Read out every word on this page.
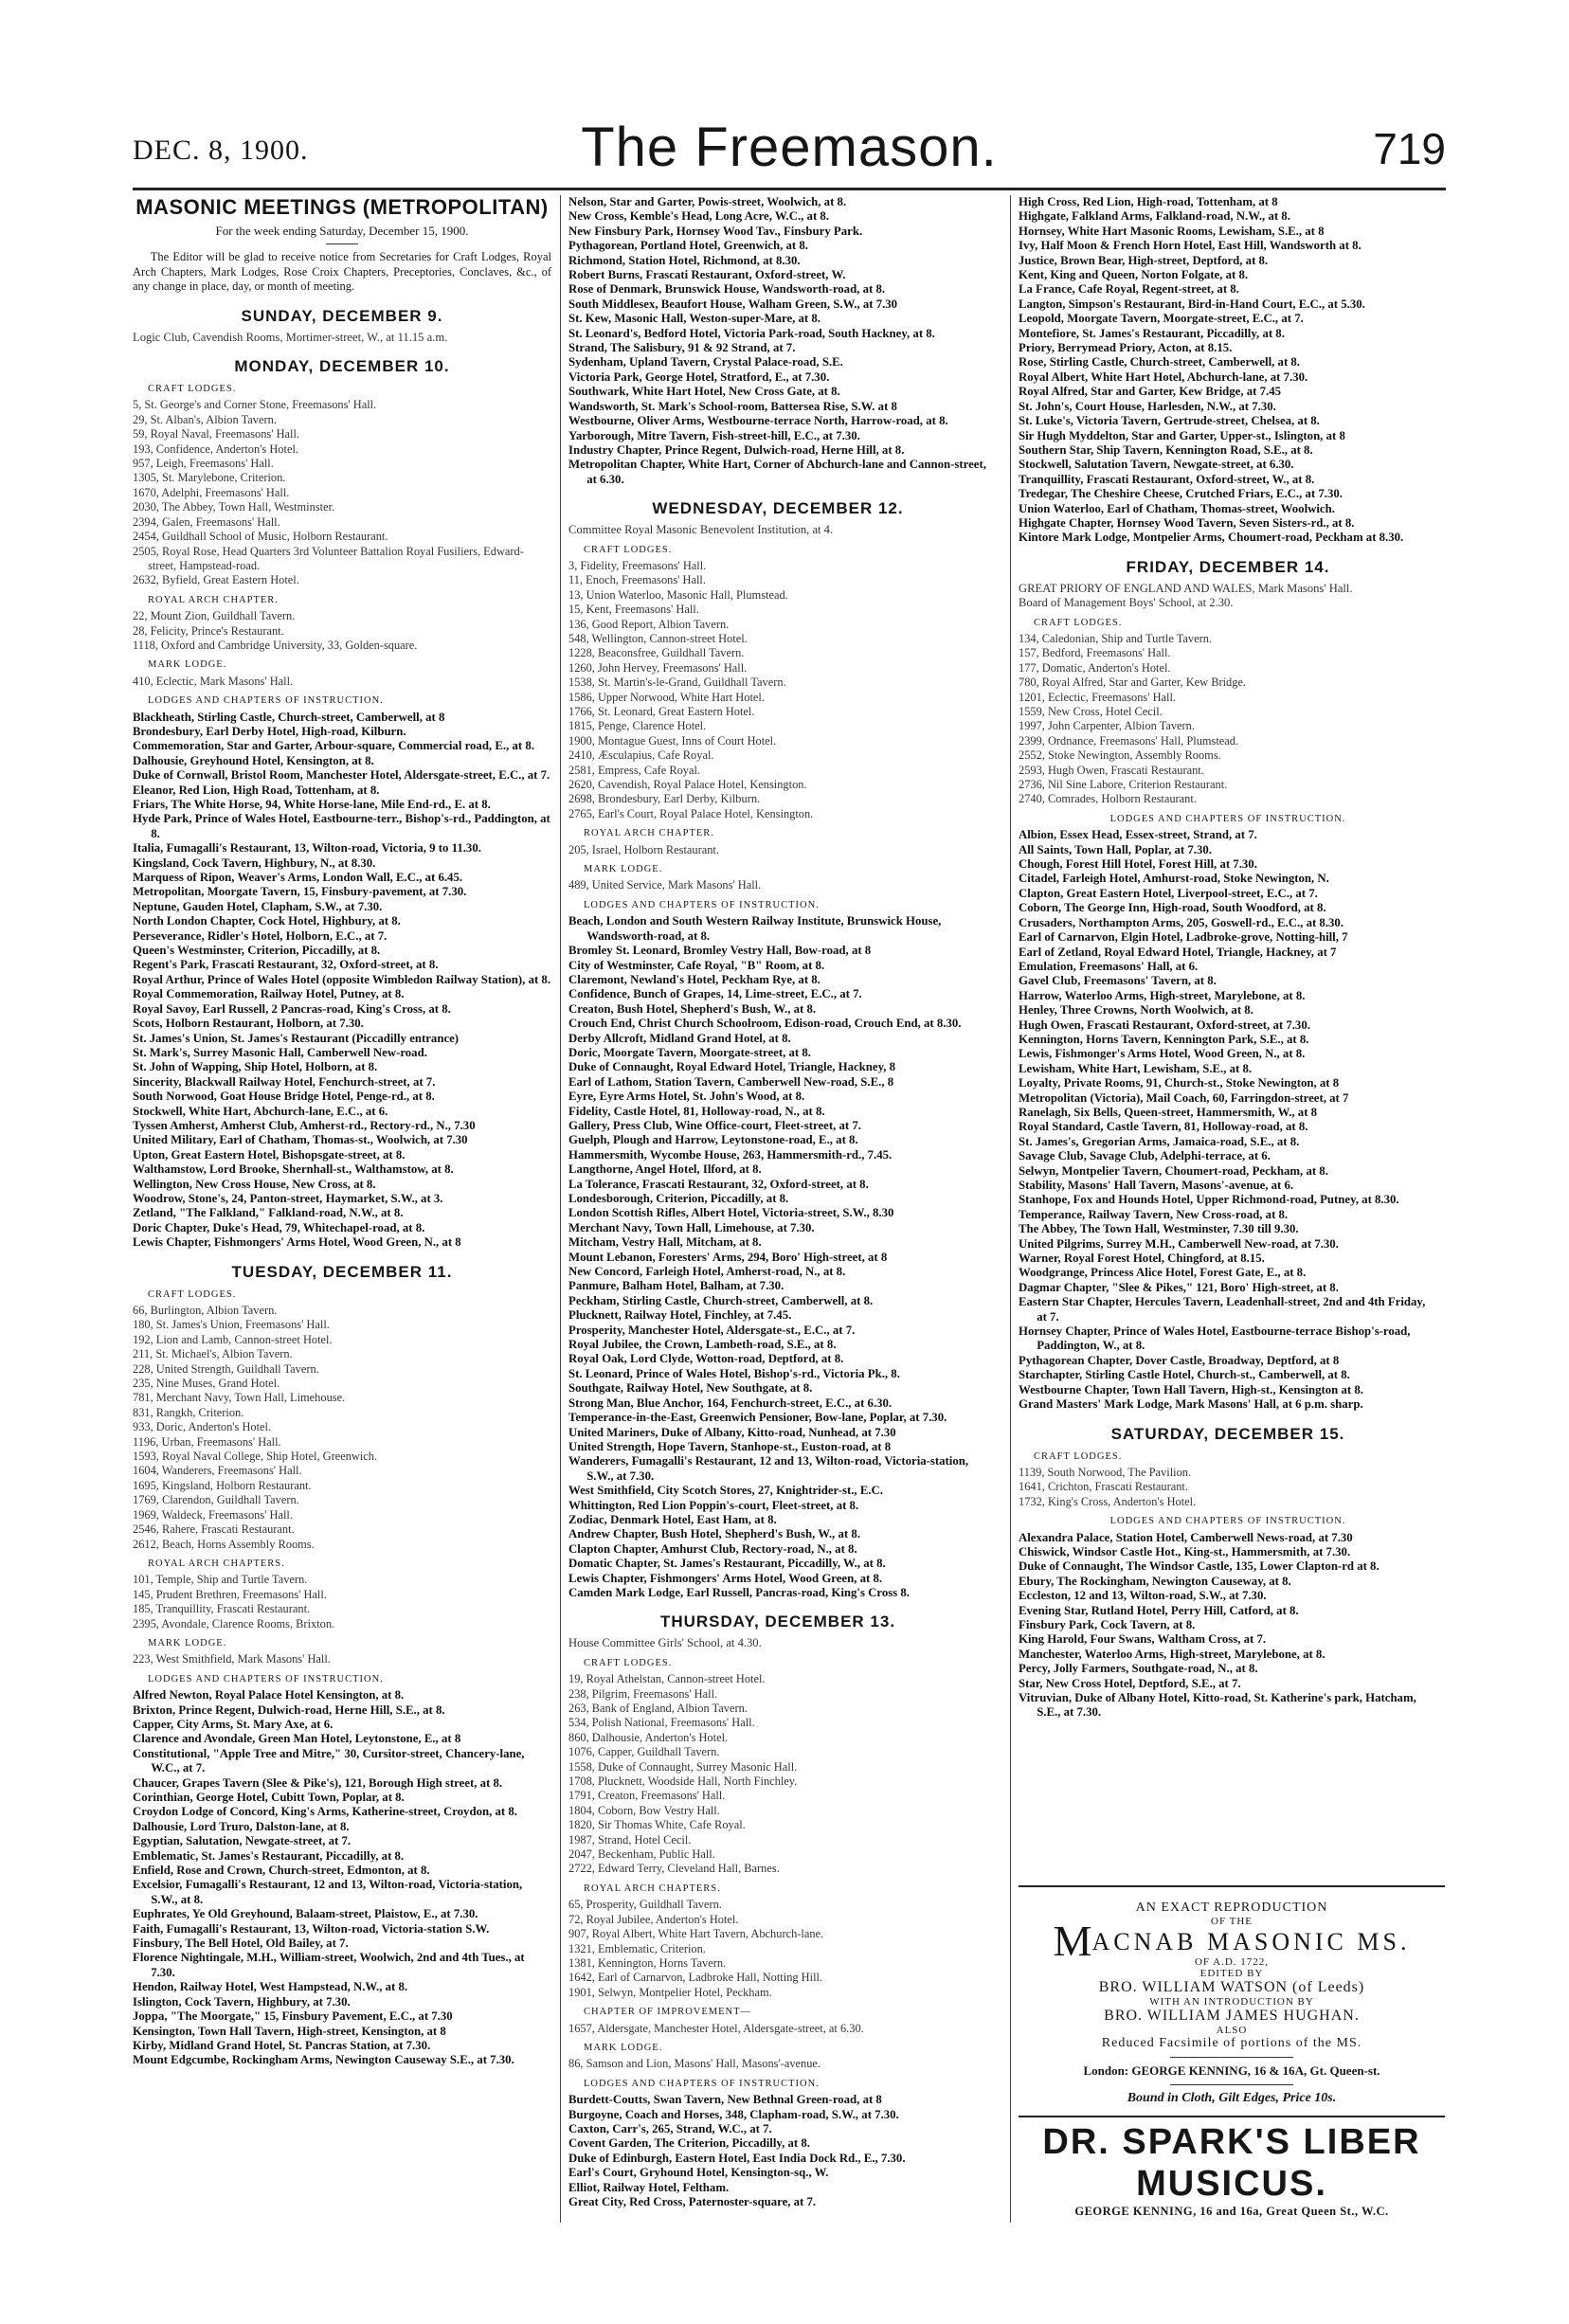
DEC. 8, 1900.	The Freemason.	719
MASONIC MEETINGS (METROPOLITAN)

For the week ending Saturday, December 15, 1900.

The Editor will be glad to receive notice from Secretaries for Craft Lodges, Royal Arch Chapters, Mark Lodges, Rose Croix Chapters, Preceptories, Conclaves, &c., of any change in place, day, or month of meeting.

SUNDAY, DECEMBER 9.

Logic Club, Cavendish Rooms, Mortimer-street, W., at 11.15 a.m.

MONDAY, DECEMBER 10.
CRAFT LODGES.

5, St. George's and Corner Stone, Freemasons' Hall.

29, St. Alban's, Albion Tavern.

59, Royal Naval, Freemasons' Hall.

193, Confidence, Anderton's Hotel.

957, Leigh, Freemasons' Hall.

1305, St. Marylebone, Criterion.

1670, Adelphi, Freemasons' Hall.

2030, The Abbey, Town Hall, Westminster.

2394, Galen, Freemasons' Hall.

2454, Guildhall School of Music, Holborn Restaurant.

2505, Royal Rose, Head Quarters 3rd Volunteer Battalion Royal Fusiliers, Edward-street, Hampstead-road.

2632, Byfield, Great Eastern Hotel.

ROYAL ARCH CHAPTER.

22, Mount Zion, Guildhall Tavern.

28, Felicity, Prince's Restaurant.

1118, Oxford and Cambridge University, 33, Golden-square.

MARK LODGE.

410, Eclectic, Mark Masons' Hall.

LODGES AND CHAPTERS OF INSTRUCTION.

Blackheath, Stirling Castle, Church-street, Camberwell, at 8

Brondesbury, Earl Derby Hotel, High-road, Kilburn.

Commemoration, Star and Garter, Arbour-square, Commercial road, E., at 8.

Dalhousie, Greyhound Hotel, Kensington, at 8.

Duke of Cornwall, Bristol Room, Manchester Hotel, Aldersgate-street, E.C., at 7.

Eleanor, Red Lion, High Road, Tottenham, at 8.

Friars, The White Horse, 94, White Horse-lane, Mile End-rd., E. at 8.

Hyde Park, Prince of Wales Hotel, Eastbourne-terr., Bishop's-rd., Paddington, at 8.

Italia, Fumagalli's Restaurant, 13, Wilton-road, Victoria, 9 to 11.30.

Kingsland, Cock Tavern, Highbury, N., at 8.30.

Marquess of Ripon, Weaver's Arms, London Wall, E.C., at 6.45.

Metropolitan, Moorgate Tavern, 15, Finsbury-pavement, at 7.30.

Neptune, Gauden Hotel, Clapham, S.W., at 7.30.

North London Chapter, Cock Hotel, Highbury, at 8.

Perseverance, Ridler's Hotel, Holborn, E.C., at 7.

Queen's Westminster, Criterion, Piccadilly, at 8.

Regent's Park, Frascati Restaurant, 32, Oxford-street, at 8.

Royal Arthur, Prince of Wales Hotel (opposite Wimbledon Railway Station), at 8.

Royal Commemoration, Railway Hotel, Putney, at 8.

Royal Savoy, Earl Russell, 2 Pancras-road, King's Cross, at 8.

Scots, Holborn Restaurant, Holborn, at 7.30.

St. James's Union, St. James's Restaurant (Piccadilly entrance)

St. Mark's, Surrey Masonic Hall, Camberwell New-road.

St. John of Wapping, Ship Hotel, Holborn, at 8.

Sincerity, Blackwall Railway Hotel, Fenchurch-street, at 7.

South Norwood, Goat House Bridge Hotel, Penge-rd., at 8.

Stockwell, White Hart, Abchurch-lane, E.C., at 6.

Tyssen Amherst, Amherst Club, Amherst-rd., Rectory-rd., N., 7.30

United Military, Earl of Chatham, Thomas-st., Woolwich, at 7.30

Upton, Great Eastern Hotel, Bishopsgate-street, at 8.

Walthamstow, Lord Brooke, Shernhall-st., Walthamstow, at 8.

Wellington, New Cross House, New Cross, at 8.

Woodrow, Stone's, 24, Panton-street, Haymarket, S.W., at 3.

Zetland, "The Falkland," Falkland-road, N.W., at 8.

Doric Chapter, Duke's Head, 79, Whitechapel-road, at 8.

Lewis Chapter, Fishmongers' Arms Hotel, Wood Green, N., at 8

TUESDAY, DECEMBER 11.
CRAFT LODGES.

66, Burlington, Albion Tavern.

180, St. James's Union, Freemasons' Hall.

192, Lion and Lamb, Cannon-street Hotel.

211, St. Michael's, Albion Tavern.

228, United Strength, Guildhall Tavern.

235, Nine Muses, Grand Hotel.

781, Merchant Navy, Town Hall, Limehouse.

831, Rangkh, Criterion.

933, Doric, Anderton's Hotel.

1196, Urban, Freemasons' Hall.

1593, Royal Naval College, Ship Hotel, Greenwich.

1604, Wanderers, Freemasons' Hall.

1695, Kingsland, Holborn Restaurant.

1769, Clarendon, Guildhall Tavern.

1969, Waldeck, Freemasons' Hall.

2546, Rahere, Frascati Restaurant.

2612, Beach, Horns Assembly Rooms.

ROYAL ARCH CHAPTERS.

101, Temple, Ship and Turtle Tavern.

145, Prudent Brethren, Freemasons' Hall.

185, Tranquillity, Frascati Restaurant.

2395, Avondale, Clarence Rooms, Brixton.

MARK LODGE.

223, West Smithfield, Mark Masons' Hall.

LODGES AND CHAPTERS OF INSTRUCTION.

Alfred Newton, Royal Palace Hotel Kensington, at 8.

Brixton, Prince Regent, Dulwich-road, Herne Hill, S.E., at 8.

Capper, City Arms, St. Mary Axe, at 6.

Clarence and Avondale, Green Man Hotel, Leytonstone, E., at 8

Constitutional, "Apple Tree and Mitre," 30, Cursitor-street, Chancery-lane, W.C., at 7.

Chaucer, Grapes Tavern (Slee & Pike's), 121, Borough High street, at 8.

Corinthian, George Hotel, Cubitt Town, Poplar, at 8.

Croydon Lodge of Concord, King's Arms, Katherine-street, Croydon, at 8.

Dalhousie, Lord Truro, Dalston-lane, at 8.

Egyptian, Salutation, Newgate-street, at 7.

Emblematic, St. James's Restaurant, Piccadilly, at 8.

Enfield, Rose and Crown, Church-street, Edmonton, at 8.

Excelsior, Fumagalli's Restaurant, 12 and 13, Wilton-road, Victoria-station, S.W., at 8.

Euphrates, Ye Old Greyhound, Balaam-street, Plaistow, E., at 7.30.

Faith, Fumagalli's Restaurant, 13, Wilton-road, Victoria-station S.W.

Finsbury, The Bell Hotel, Old Bailey, at 7.

Florence Nightingale, M.H., William-street, Woolwich, 2nd and 4th Tues., at 7.30.

Hendon, Railway Hotel, West Hampstead, N.W., at 8.

Islington, Cock Tavern, Highbury, at 7.30.

Joppa, "The Moorgate," 15, Finsbury Pavement, E.C., at 7.30

Kensington, Town Hall Tavern, High-street, Kensington, at 8

Kirby, Midland Grand Hotel, St. Pancras Station, at 7.30.

Mount Edgcumbe, Rockingham Arms, Newington Causeway S.E., at 7.30.

Nelson, Star and Garter, Powis-street, Woolwich, at 8.

New Cross, Kemble's Head, Long Acre, W.C., at 8.

New Finsbury Park, Hornsey Wood Tav., Finsbury Park.

Pythagorean, Portland Hotel, Greenwich, at 8.

Richmond, Station Hotel, Richmond, at 8.30.

Robert Burns, Frascati Restaurant, Oxford-street, W.

Rose of Denmark, Brunswick House, Wandsworth-road, at 8.

South Middlesex, Beaufort House, Walham Green, S.W., at 7.30

St. Kew, Masonic Hall, Weston-super-Mare, at 8.

St. Leonard's, Bedford Hotel, Victoria Park-road, South Hackney, at 8.

Strand, The Salisbury, 91 & 92 Strand, at 7.

Sydenham, Upland Tavern, Crystal Palace-road, S.E.

Victoria Park, George Hotel, Stratford, E., at 7.30.

Southwark, White Hart Hotel, New Cross Gate, at 8.

Wandsworth, St. Mark's School-room, Battersea Rise, S.W. at 8

Westbourne, Oliver Arms, Westbourne-terrace North, Harrow-road, at 8.

Yarborough, Mitre Tavern, Fish-street-hill, E.C., at 7.30.

Industry Chapter, Prince Regent, Dulwich-road, Herne Hill, at 8.

Metropolitan Chapter, White Hart, Corner of Abchurch-lane and Cannon-street, at 6.30.

WEDNESDAY, DECEMBER 12.

Committee Royal Masonic Benevolent Institution, at 4.

CRAFT LODGES.

3, Fidelity, Freemasons' Hall.

11, Enoch, Freemasons' Hall.

13, Union Waterloo, Masonic Hall, Plumstead.

15, Kent, Freemasons' Hall.

136, Good Report, Albion Tavern.

548, Wellington, Cannon-street Hotel.

1228, Beaconsfree, Guildhall Tavern.

1260, John Hervey, Freemasons' Hall.

1538, St. Martin's-le-Grand, Guildhall Tavern.

1586, Upper Norwood, White Hart Hotel.

1766, St. Leonard, Great Eastern Hotel.

1815, Penge, Clarence Hotel.

1900, Montague Guest, Inns of Court Hotel.

2410, Æsculapius, Cafe Royal.

2581, Empress, Cafe Royal.

2620, Cavendish, Royal Palace Hotel, Kensington.

2698, Brondesbury, Earl Derby, Kilburn.

2765, Earl's Court, Royal Palace Hotel, Kensington.

ROYAL ARCH CHAPTER.

205, Israel, Holborn Restaurant.

MARK LODGE.

489, United Service, Mark Masons' Hall.

LODGES AND CHAPTERS OF INSTRUCTION.

Beach, London and South Western Railway Institute, Brunswick House, Wandsworth-road, at 8.

Bromley St. Leonard, Bromley Vestry Hall, Bow-road, at 8

City of Westminster, Cafe Royal, "B" Room, at 8.

Claremont, Newland's Hotel, Peckham Rye, at 8.

Confidence, Bunch of Grapes, 14, Lime-street, E.C., at 7.

Creaton, Bush Hotel, Shepherd's Bush, W., at 8.

Crouch End, Christ Church Schoolroom, Edison-road, Crouch End, at 8.30.

Derby Allcroft, Midland Grand Hotel, at 8.

Doric, Moorgate Tavern, Moorgate-street, at 8.

Duke of Connaught, Royal Edward Hotel, Triangle, Hackney, 8

Earl of Lathom, Station Tavern, Camberwell New-road, S.E., 8

Eyre, Eyre Arms Hotel, St. John's Wood, at 8.

Fidelity, Castle Hotel, 81, Holloway-road, N., at 8.

Gallery, Press Club, Wine Office-court, Fleet-street, at 7.

Guelph, Plough and Harrow, Leytonstone-road, E., at 8.

Hammersmith, Wycombe House, 263, Hammersmith-rd., 7.45.

Langthorne, Angel Hotel, Ilford, at 8.

La Tolerance, Frascati Restaurant, 32, Oxford-street, at 8.

Londesborough, Criterion, Piccadilly, at 8.

London Scottish Rifles, Albert Hotel, Victoria-street, S.W., 8.30

Merchant Navy, Town Hall, Limehouse, at 7.30.

Mitcham, Vestry Hall, Mitcham, at 8.

Mount Lebanon, Foresters' Arms, 294, Boro' High-street, at 8

New Concord, Farleigh Hotel, Amherst-road, N., at 8.

Panmure, Balham Hotel, Balham, at 7.30.

Peckham, Stirling Castle, Church-street, Camberwell, at 8.

Plucknett, Railway Hotel, Finchley, at 7.45.

Prosperity, Manchester Hotel, Aldersgate-st., E.C., at 7.

Royal Jubilee, the Crown, Lambeth-road, S.E., at 8.

Royal Oak, Lord Clyde, Wotton-road, Deptford, at 8.

St. Leonard, Prince of Wales Hotel, Bishop's-rd., Victoria Pk., 8.

Southgate, Railway Hotel, New Southgate, at 8.

Strong Man, Blue Anchor, 164, Fenchurch-street, E.C., at 6.30.

Temperance-in-the-East, Greenwich Pensioner, Bow-lane, Poplar, at 7.30.

United Mariners, Duke of Albany, Kitto-road, Nunhead, at 7.30

United Strength, Hope Tavern, Stanhope-st., Euston-road, at 8

Wanderers, Fumagalli's Restaurant, 12 and 13, Wilton-road, Victoria-station, S.W., at 7.30.

West Smithfield, City Scotch Stores, 27, Knightrider-st., E.C.

Whittington, Red Lion Poppin's-court, Fleet-street, at 8.

Zodiac, Denmark Hotel, East Ham, at 8.

Andrew Chapter, Bush Hotel, Shepherd's Bush, W., at 8.

Clapton Chapter, Amhurst Club, Rectory-road, N., at 8.

Domatic Chapter, St. James's Restaurant, Piccadilly, W., at 8.

Lewis Chapter, Fishmongers' Arms Hotel, Wood Green, at 8.

Camden Mark Lodge, Earl Russell, Pancras-road, King's Cross 8.

THURSDAY, DECEMBER 13.

House Committee Girls' School, at 4.30.

CRAFT LODGES.

19, Royal Athelstan, Cannon-street Hotel.

238, Pilgrim, Freemasons' Hall.

263, Bank of England, Albion Tavern.

534, Polish National, Freemasons' Hall.

860, Dalhousie, Anderton's Hotel.

1076, Capper, Guildhall Tavern.

1558, Duke of Connaught, Surrey Masonic Hall.

1708, Plucknett, Woodside Hall, North Finchley.

1791, Creaton, Freemasons' Hall.

1804, Coborn, Bow Vestry Hall.

1820, Sir Thomas White, Cafe Royal.

1987, Strand, Hotel Cecil.

2047, Beckenham, Public Hall.

2722, Edward Terry, Cleveland Hall, Barnes.

ROYAL ARCH CHAPTERS.

65, Prosperity, Guildhall Tavern.

72, Royal Jubilee, Anderton's Hotel.

907, Royal Albert, White Hart Tavern, Abchurch-lane.

1321, Emblematic, Criterion.

1381, Kennington, Horns Tavern.

1642, Earl of Carnarvon, Ladbroke Hall, Notting Hill.

1901, Selwyn, Montpelier Hotel, Peckham.

CHAPTER OF IMPROVEMENT—

1657, Aldersgate, Manchester Hotel, Aldersgate-street, at 6.30.

MARK LODGE.

86, Samson and Lion, Masons' Hall, Masons'-avenue.

LODGES AND CHAPTERS OF INSTRUCTION.

Burdett-Coutts, Swan Tavern, New Bethnal Green-road, at 8

Burgoyne, Coach and Horses, 348, Clapham-road, S.W., at 7.30.

Caxton, Carr's, 265, Strand, W.C., at 7.

Covent Garden, The Criterion, Piccadilly, at 8.

Duke of Edinburgh, Eastern Hotel, East India Dock Rd., E., 7.30.

Earl's Court, Gryhound Hotel, Kensington-sq., W.

Elliot, Railway Hotel, Feltham.

Great City, Red Cross, Paternoster-square, at 7.

High Cross, Red Lion, High-road, Tottenham, at 8

Highgate, Falkland Arms, Falkland-road, N.W., at 8.

Hornsey, White Hart Masonic Rooms, Lewisham, S.E., at 8

Ivy, Half Moon & French Horn Hotel, East Hill, Wandsworth at 8.

Justice, Brown Bear, High-street, Deptford, at 8.

Kent, King and Queen, Norton Folgate, at 8.

La France, Cafe Royal, Regent-street, at 8.

Langton, Simpson's Restaurant, Bird-in-Hand Court, E.C., at 5.30.

Leopold, Moorgate Tavern, Moorgate-street, E.C., at 7.

Montefiore, St. James's Restaurant, Piccadilly, at 8.

Priory, Berrymead Priory, Acton, at 8.15.

Rose, Stirling Castle, Church-street, Camberwell, at 8.

Royal Albert, White Hart Hotel, Abchurch-lane, at 7.30.

Royal Alfred, Star and Garter, Kew Bridge, at 7.45

St. John's, Court House, Harlesden, N.W., at 7.30.

St. Luke's, Victoria Tavern, Gertrude-street, Chelsea, at 8.

Sir Hugh Myddelton, Star and Garter, Upper-st., Islington, at 8

Southern Star, Ship Tavern, Kennington Road, S.E., at 8.

Stockwell, Salutation Tavern, Newgate-street, at 6.30.

Tranquillity, Frascati Restaurant, Oxford-street, W., at 8.

Tredegar, The Cheshire Cheese, Crutched Friars, E.C., at 7.30.

Union Waterloo, Earl of Chatham, Thomas-street, Woolwich.

Highgate Chapter, Hornsey Wood Tavern, Seven Sisters-rd., at 8.

Kintore Mark Lodge, Montpelier Arms, Choumert-road, Peckham at 8.30.

FRIDAY, DECEMBER 14.

GREAT PRIORY OF ENGLAND AND WALES, Mark Masons' Hall.

Board of Management Boys' School, at 2.30.

CRAFT LODGES.

134, Caledonian, Ship and Turtle Tavern.

157, Bedford, Freemasons' Hall.

177, Domatic, Anderton's Hotel.

780, Royal Alfred, Star and Garter, Kew Bridge.

1201, Eclectic, Freemasons' Hall.

1559, New Cross, Hotel Cecil.

1997, John Carpenter, Albion Tavern.

2399, Ordnance, Freemasons' Hall, Plumstead.

2552, Stoke Newington, Assembly Rooms.

2593, Hugh Owen, Frascati Restaurant.

2736, Nil Sine Labore, Criterion Restaurant.

2740, Comrades, Holborn Restaurant.

LODGES AND CHAPTERS OF INSTRUCTION.

Albion, Essex Head, Essex-street, Strand, at 7.

All Saints, Town Hall, Poplar, at 7.30.

Chough, Forest Hill Hotel, Forest Hill, at 7.30.

Citadel, Farleigh Hotel, Amhurst-road, Stoke Newington, N.

Clapton, Great Eastern Hotel, Liverpool-street, E.C., at 7.

Coborn, The George Inn, High-road, South Woodford, at 8.

Crusaders, Northampton Arms, 205, Goswell-rd., E.C., at 8.30.

Earl of Carnarvon, Elgin Hotel, Ladbroke-grove, Notting-hill, 7

Earl of Zetland, Royal Edward Hotel, Triangle, Hackney, at 7

Emulation, Freemasons' Hall, at 6.

Gavel Club, Freemasons' Tavern, at 8.

Harrow, Waterloo Arms, High-street, Marylebone, at 8.

Henley, Three Crowns, North Woolwich, at 8.

Hugh Owen, Frascati Restaurant, Oxford-street, at 7.30.

Kennington, Horns Tavern, Kennington Park, S.E., at 8.

Lewis, Fishmonger's Arms Hotel, Wood Green, N., at 8.

Lewisham, White Hart, Lewisham, S.E., at 8.

Loyalty, Private Rooms, 91, Church-st., Stoke Newington, at 8

Metropolitan (Victoria), Mail Coach, 60, Farringdon-street, at 7

Ranelagh, Six Bells, Queen-street, Hammersmith, W., at 8

Royal Standard, Castle Tavern, 81, Holloway-road, at 8.

St. James's, Gregorian Arms, Jamaica-road, S.E., at 8.

Savage Club, Savage Club, Adelphi-terrace, at 6.

Selwyn, Montpelier Tavern, Choumert-road, Peckham, at 8.

Stability, Masons' Hall Tavern, Masons'-avenue, at 6.

Stanhope, Fox and Hounds Hotel, Upper Richmond-road, Putney, at 8.30.

Temperance, Railway Tavern, New Cross-road, at 8.

The Abbey, The Town Hall, Westminster, 7.30 till 9.30.

United Pilgrims, Surrey M.H., Camberwell New-road, at 7.30.

Warner, Royal Forest Hotel, Chingford, at 8.15.

Woodgrange, Princess Alice Hotel, Forest Gate, E., at 8.

Dagmar Chapter, "Slee & Pikes," 121, Boro' High-street, at 8.

Eastern Star Chapter, Hercules Tavern, Leadenhall-street, 2nd and 4th Friday, at 7.

Hornsey Chapter, Prince of Wales Hotel, Eastbourne-terrace Bishop's-road, Paddington, W., at 8.

Pythagorean Chapter, Dover Castle, Broadway, Deptford, at 8

Starchapter, Stirling Castle Hotel, Church-st., Camberwell, at 8.

Westbourne Chapter, Town Hall Tavern, High-st., Kensington at 8.

Grand Masters' Mark Lodge, Mark Masons' Hall, at 6 p.m. sharp.

SATURDAY, DECEMBER 15.
CRAFT LODGES.

1139, South Norwood, The Pavilion.

1641, Crichton, Frascati Restaurant.

1732, King's Cross, Anderton's Hotel.

LODGES AND CHAPTERS OF INSTRUCTION.

Alexandra Palace, Station Hotel, Camberwell News-road, at 7.30

Chiswick, Windsor Castle Hot., King-st., Hammersmith, at 7.30.

Duke of Connaught, The Windsor Castle, 135, Lower Clapton-rd at 8.

Ebury, The Rockingham, Newington Causeway, at 8.

Eccleston, 12 and 13, Wilton-road, S.W., at 7.30.

Evening Star, Rutland Hotel, Perry Hill, Catford, at 8.

Finsbury Park, Cock Tavern, at 8.

King Harold, Four Swans, Waltham Cross, at 7.

Manchester, Waterloo Arms, High-street, Marylebone, at 8.

Percy, Jolly Farmers, Southgate-road, N., at 8.

Star, New Cross Hotel, Deptford, S.E., at 7.

Vitruvian, Duke of Albany Hotel, Kitto-road, St. Katherine's park, Hatcham, S.E., at 7.30.

AN EXACT REPRODUCTION
OF THE
MACNAB MASONIC MS.
OF A.D. 1722,
EDITED BY
BRO. WILLIAM WATSON (of Leeds)
WITH AN INTRODUCTION BY
BRO. WILLIAM JAMES HUGHAN.
ALSO
Reduced Facsimile of portions of the MS.
London: GEORGE KENNING, 16 & 16A, Gt. Queen-st.
Bound in Cloth, Gilt Edges, Price 10s.
DR. SPARK'S LIBER MUSICUS.
GEORGE KENNING, 16 and 16a, Great Queen St., W.C.
